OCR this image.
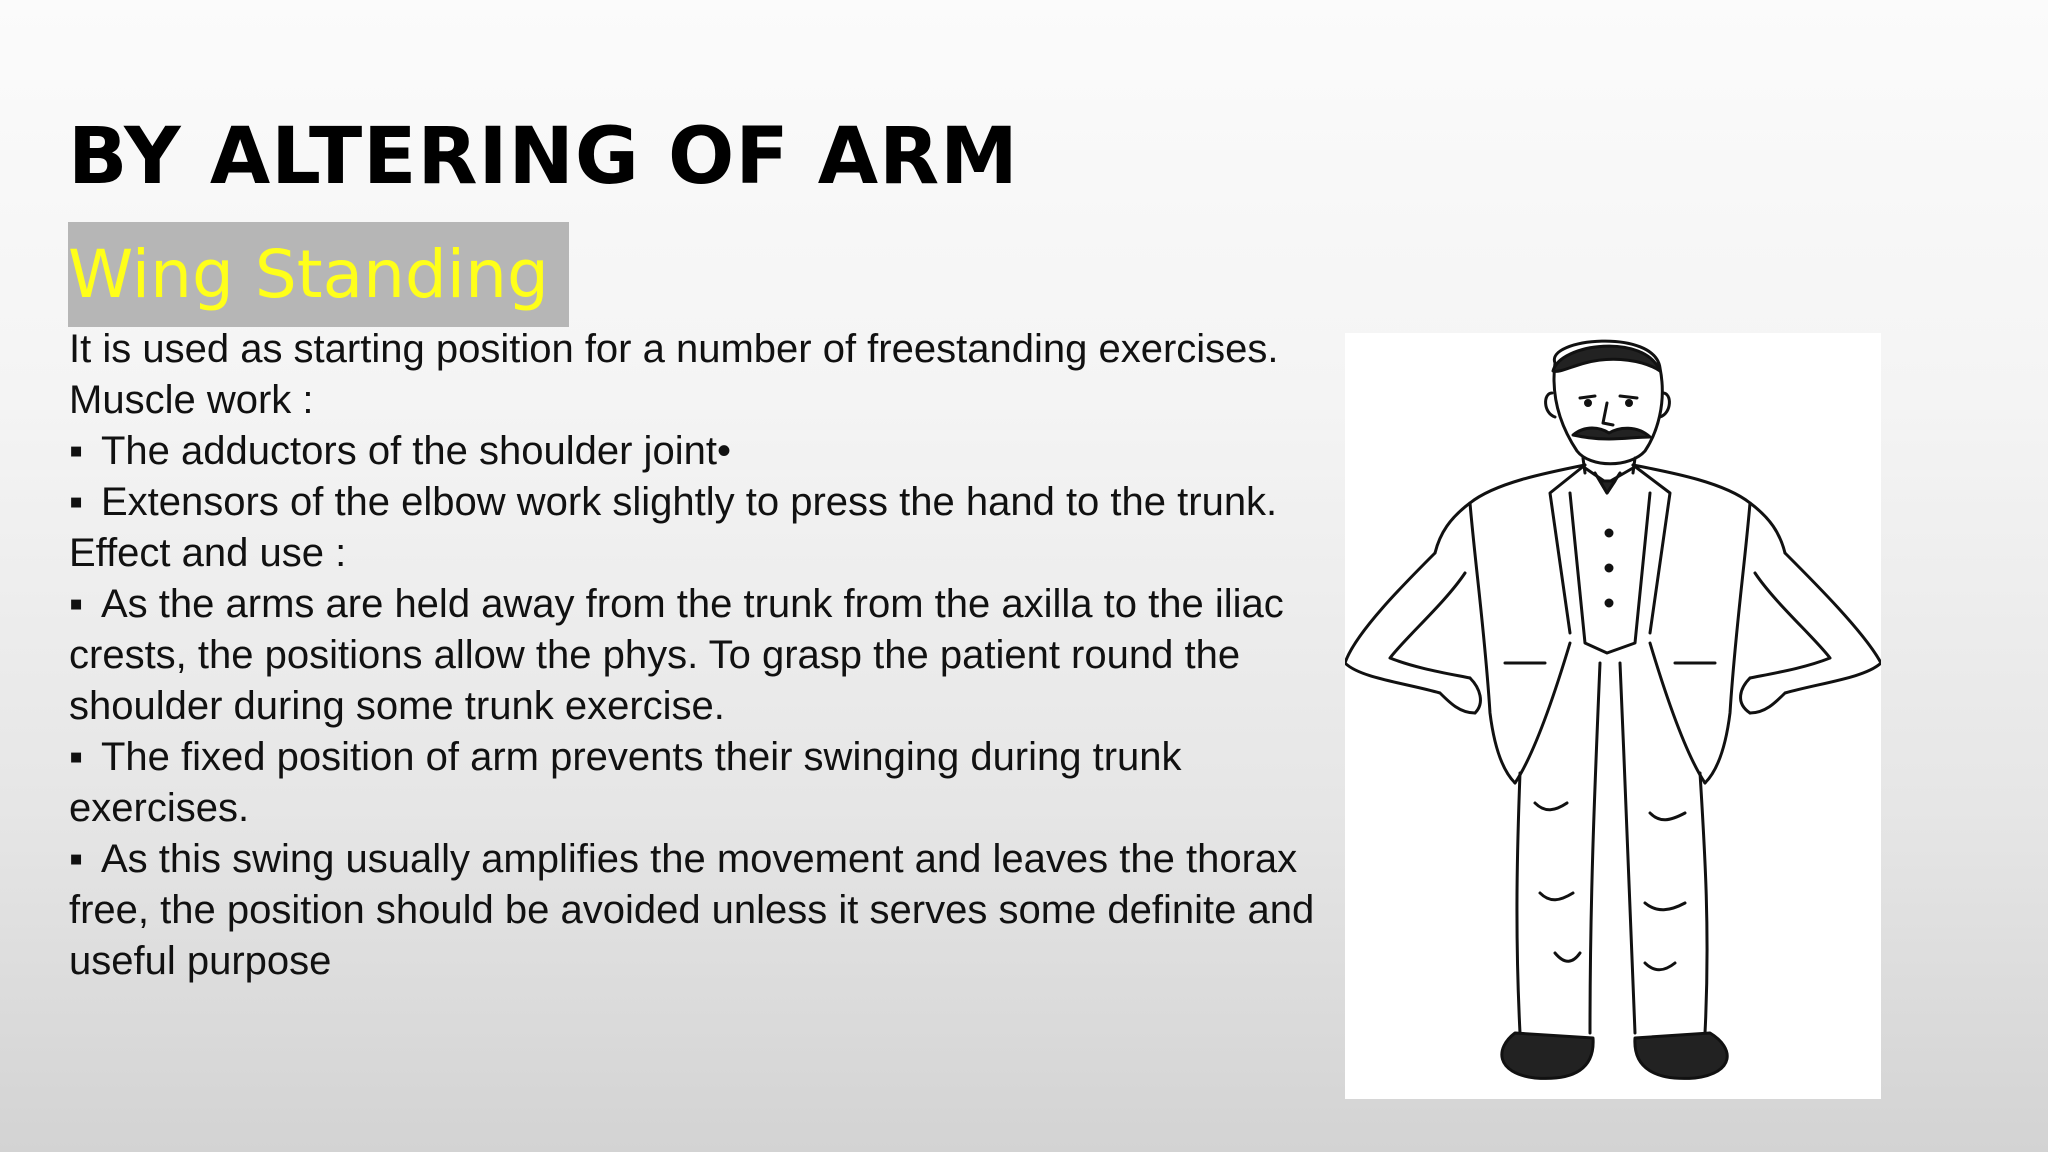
BY ALTERING OF ARM
Wing Standing

It is used as starting position for a number of freestanding exercises.

Muscle work :

▪ The adductors of the shoulder joint•

▪ Extensors of the elbow work slightly to press the hand to the trunk.

Effect and use :

▪ As the arms are held away from the trunk from the axilla to the iliac crests, the positions allow the phys. To grasp the patient round the shoulder during some trunk exercise.

▪ The fixed position of arm prevents their swinging during trunk exercises.

▪ As this swing usually amplifies the movement and leaves the thorax free, the position should be avoided unless it serves some definite and useful purpose
